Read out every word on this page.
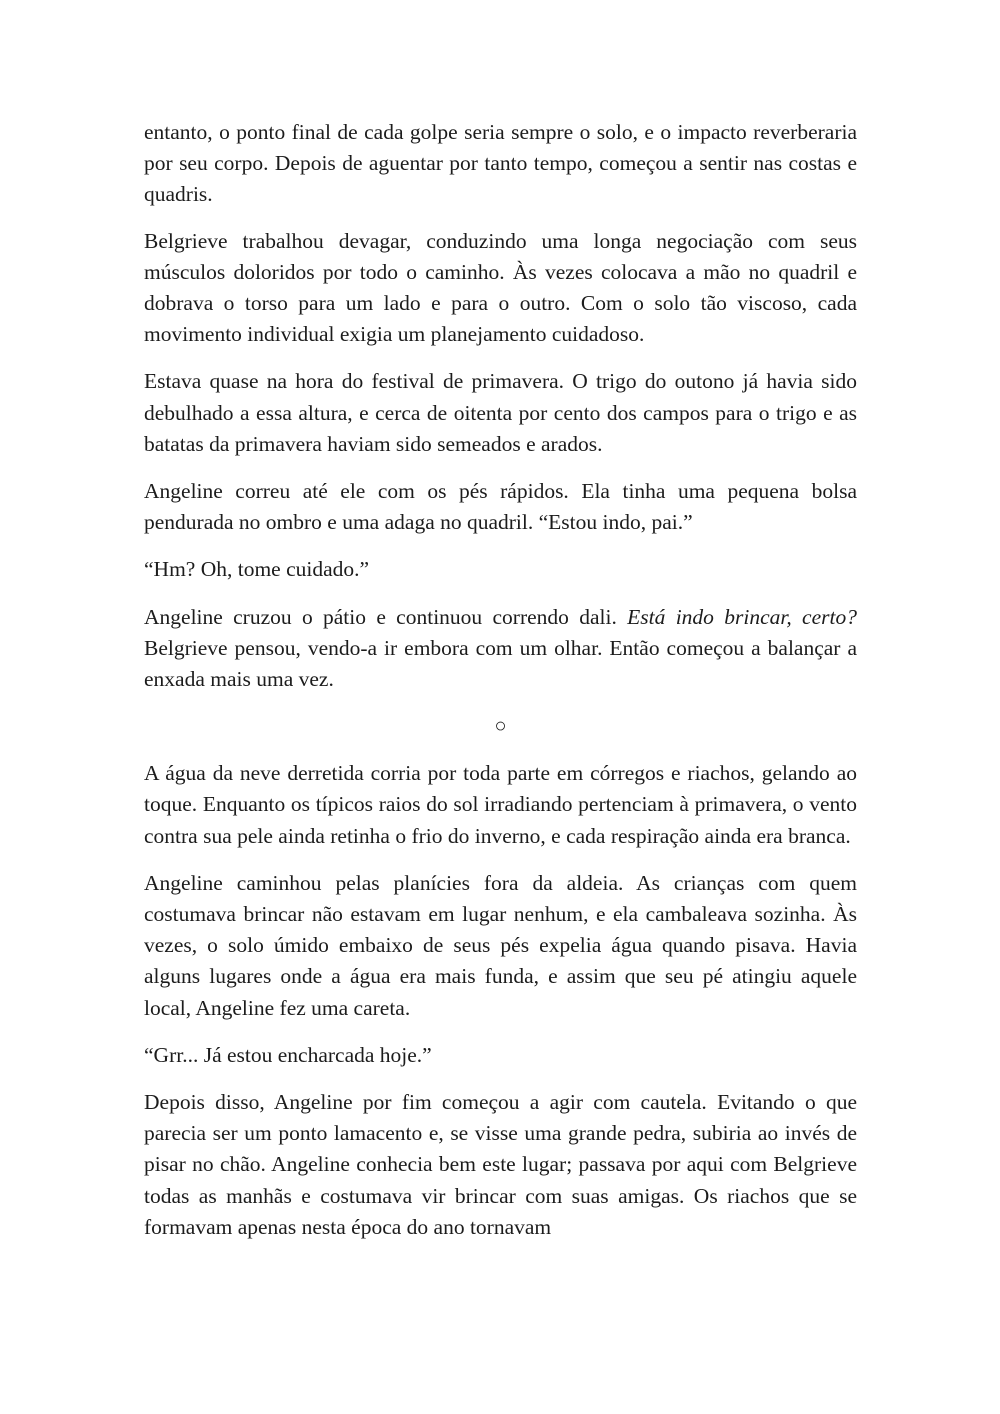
entanto, o ponto final de cada golpe seria sempre o solo, e o impacto reverberaria por seu corpo. Depois de aguentar por tanto tempo, começou a sentir nas costas e quadris.

Belgrieve trabalhou devagar, conduzindo uma longa negociação com seus músculos doloridos por todo o caminho. Às vezes colocava a mão no quadril e dobrava o torso para um lado e para o outro. Com o solo tão viscoso, cada movimento individual exigia um planejamento cuidadoso.

Estava quase na hora do festival de primavera. O trigo do outono já havia sido debulhado a essa altura, e cerca de oitenta por cento dos campos para o trigo e as batatas da primavera haviam sido semeados e arados.

Angeline correu até ele com os pés rápidos. Ela tinha uma pequena bolsa pendurada no ombro e uma adaga no quadril. “Estou indo, pai.”

“Hm? Oh, tome cuidado.”

Angeline cruzou o pátio e continuou correndo dali. Está indo brincar, certo? Belgrieve pensou, vendo-a ir embora com um olhar. Então começou a balançar a enxada mais uma vez.

○

A água da neve derretida corria por toda parte em córregos e riachos, gelando ao toque. Enquanto os típicos raios do sol irradiando pertenciam à primavera, o vento contra sua pele ainda retinha o frio do inverno, e cada respiração ainda era branca.

Angeline caminhou pelas planícies fora da aldeia. As crianças com quem costumava brincar não estavam em lugar nenhum, e ela cambaleava sozinha. Às vezes, o solo úmido embaixo de seus pés expelia água quando pisava. Havia alguns lugares onde a água era mais funda, e assim que seu pé atingiu aquele local, Angeline fez uma careta.

“Grr... Já estou encharcada hoje.”

Depois disso, Angeline por fim começou a agir com cautela. Evitando o que parecia ser um ponto lamacento e, se visse uma grande pedra, subiria ao invés de pisar no chão. Angeline conhecia bem este lugar; passava por aqui com Belgrieve todas as manhãs e costumava vir brincar com suas amigas. Os riachos que se formavam apenas nesta época do ano tornavam
